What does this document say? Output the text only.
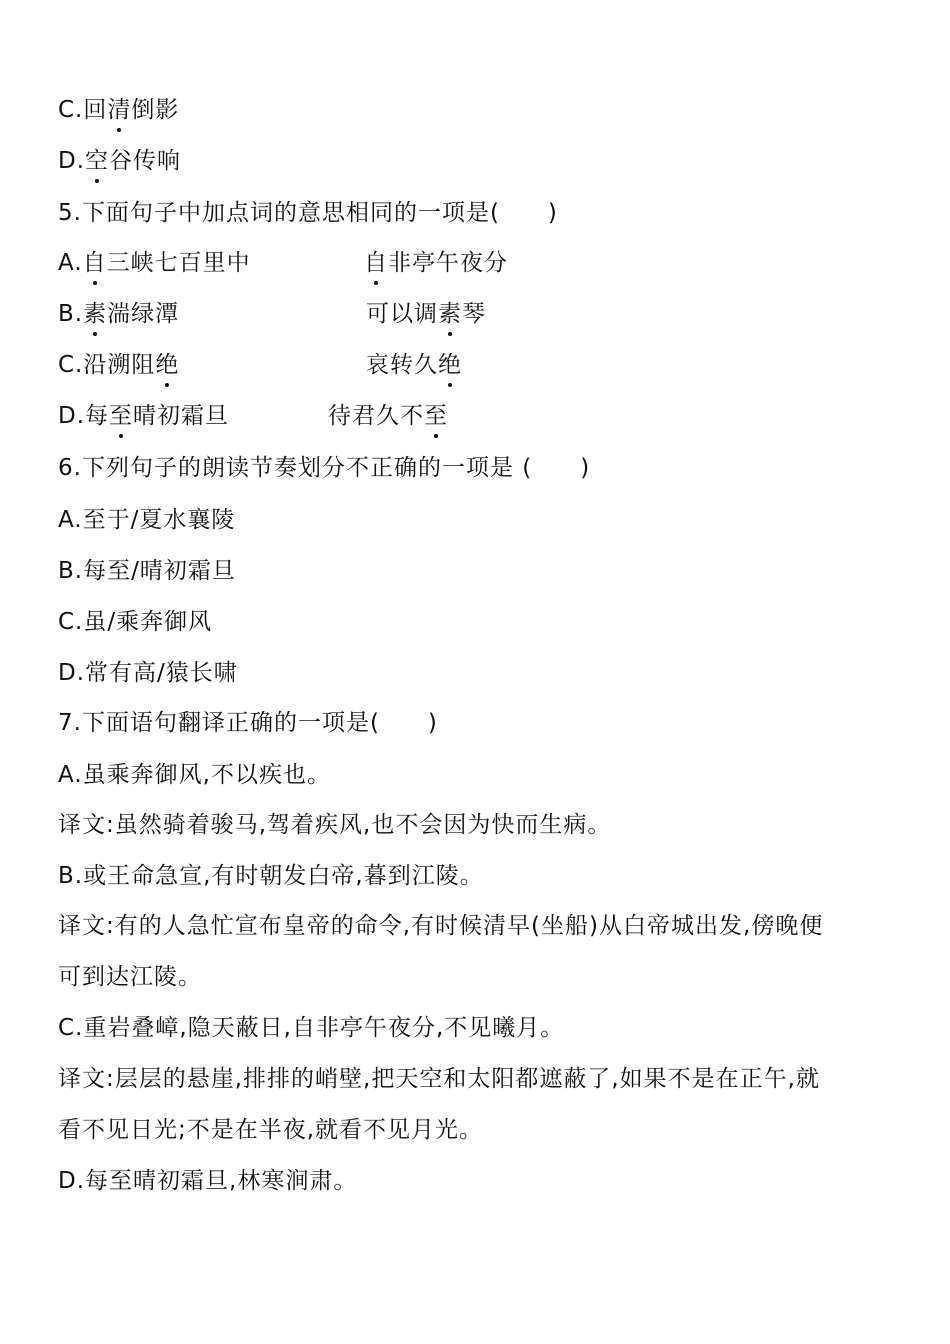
C.回清倒影
D.空谷传响
5.下面句子中加点词的意思相同的一项是(　　)
A.自三峡七百里中	自非亭午夜分
B.素湍绿潭	可以调素琴
C.沿溯阻绝	哀转久绝
D.每至晴初霜旦	待君久不至
6.下列句子的朗读节奏划分不正确的一项是 (　　)
A.至于/夏水襄陵
B.每至/晴初霜旦
C.虽/乘奔御风
D.常有高/猿长啸
7.下面语句翻译正确的一项是(　　)
A.虽乘奔御风,不以疾也。
译文:虽然骑着骏马,驾着疾风,也不会因为快而生病。
B.或王命急宣,有时朝发白帝,暮到江陵。
译文:有的人急忙宣布皇帝的命令,有时候清早(坐船)从白帝城出发,傍晚便
可到达江陵。
C.重岩叠嶂,隐天蔽日,自非亭午夜分,不见曦月。
译文:层层的悬崖,排排的峭壁,把天空和太阳都遮蔽了,如果不是在正午,就
看不见日光;不是在半夜,就看不见月光。
D.每至晴初霜旦,林寒涧肃。
